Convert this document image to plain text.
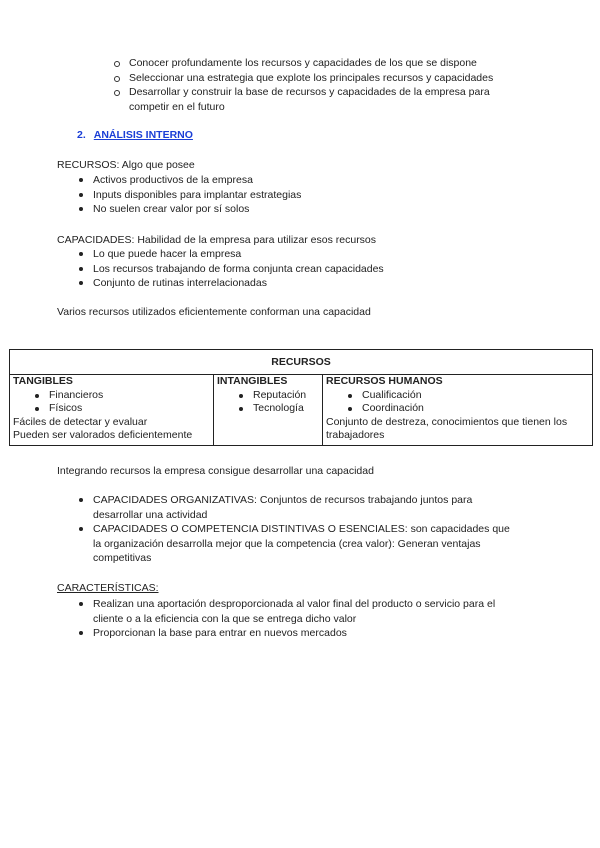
Conocer profundamente los recursos y capacidades de los que se dispone
Seleccionar una estrategia que explote los principales recursos y capacidades
Desarrollar y construir la base de recursos y capacidades de la empresa para competir en el futuro
2. ANÁLISIS INTERNO
RECURSOS: Algo que posee
Activos productivos de la empresa
Inputs disponibles para implantar estrategias
No suelen crear valor por sí solos
CAPACIDADES: Habilidad de la empresa para utilizar esos recursos
Lo que puede hacer la empresa
Los recursos trabajando de forma conjunta crean capacidades
Conjunto de rutinas interrelacionadas
Varios recursos utilizados eficientemente conforman una capacidad
RECURSOS

TANGIBLES
Financieros
Físicos
Fáciles de detectar y evaluar
Pueden ser valorados deficientemente

INTANGIBLES
Reputación
Tecnología

RECURSOS HUMANOS
Cualificación
Coordinación
Conjunto de destreza, conocimientos que tienen los
trabajadores
Integrando recursos la empresa consigue desarrollar una capacidad
CAPACIDADES ORGANIZATIVAS: Conjuntos de recursos trabajando juntos para
desarrollar una actividad
CAPACIDADES O COMPETENCIA DISTINTIVAS O ESENCIALES: son capacidades que
la organización desarrolla mejor que la competencia (crea valor): Generan ventajas
competitivas
CARACTERÍSTICAS:
Realizan una aportación desproporcionada al valor final del producto o servicio para el
cliente o a la eficiencia con la que se entrega dicho valor
Proporcionan la base para entrar en nuevos mercados
